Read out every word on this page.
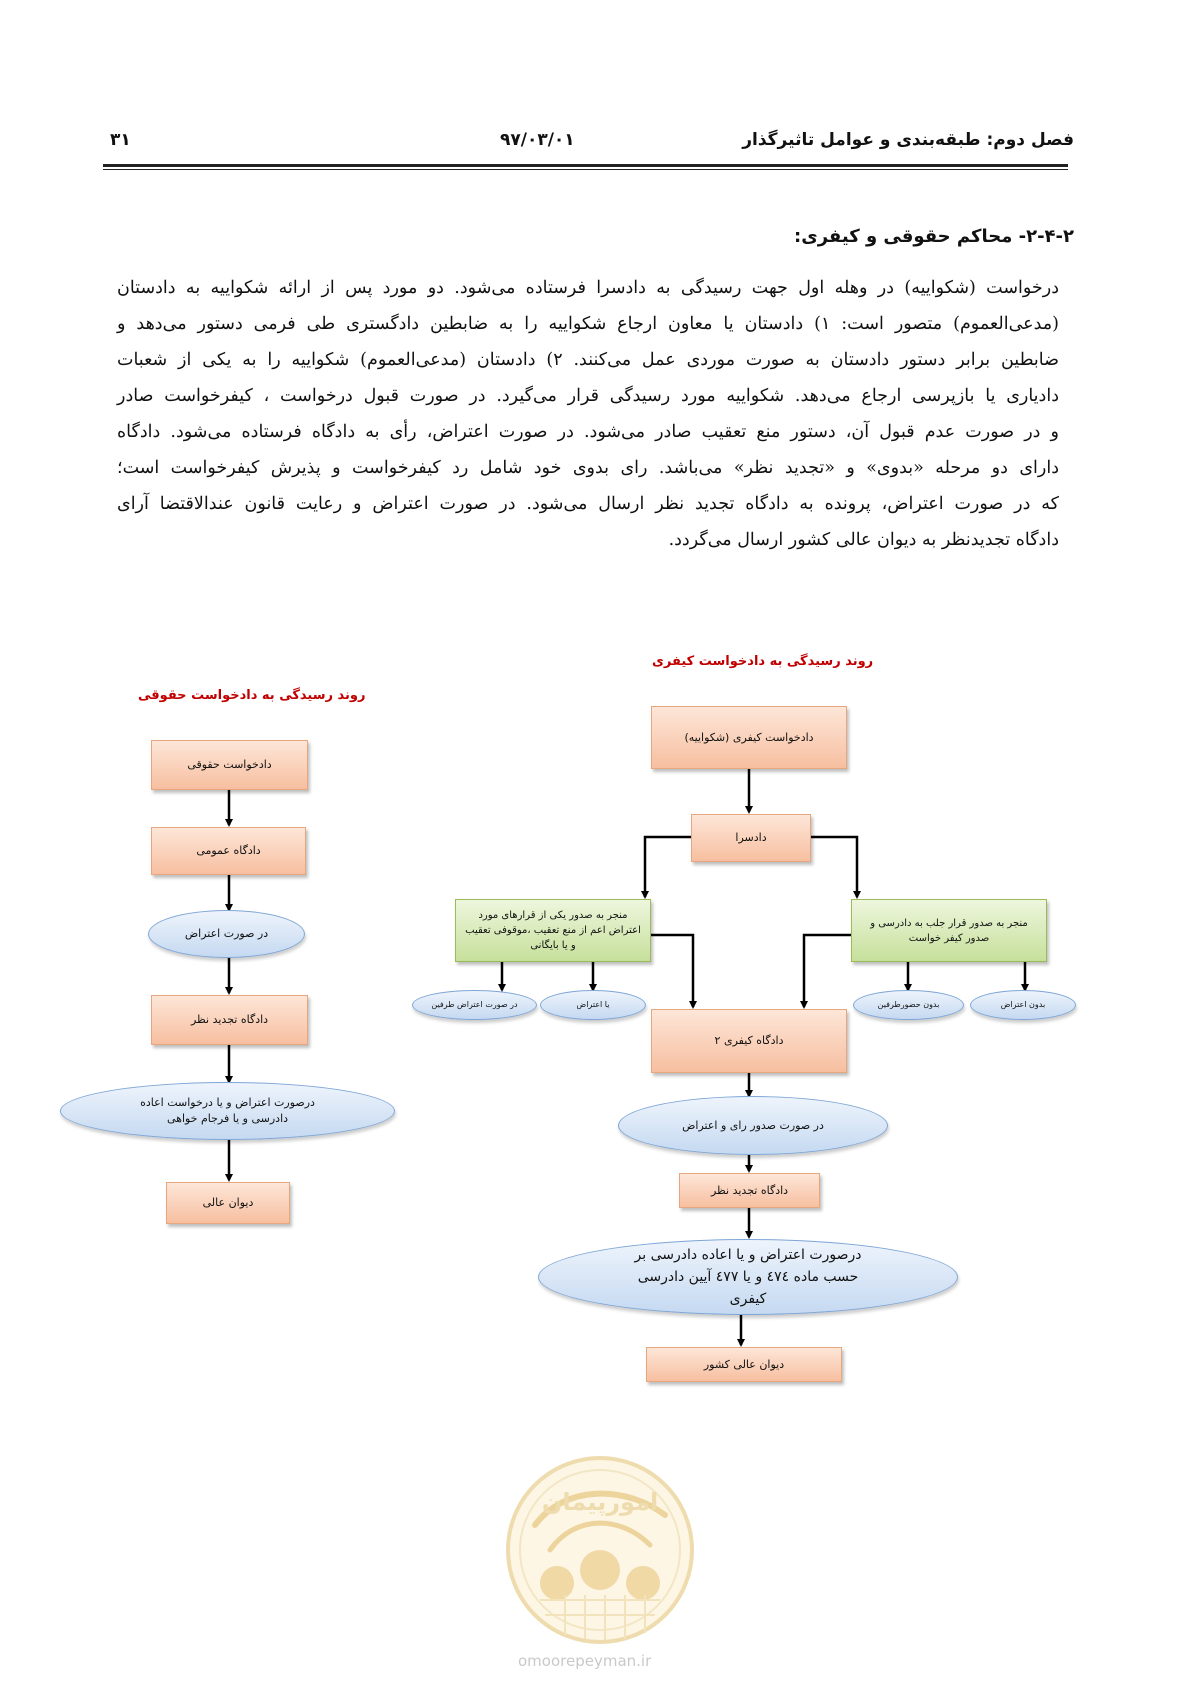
فصل دوم: طبقه‌بندی و عوامل تاثیرگذار
۹۷/۰۳/۰۱
۳۱
۲-۴-۲- محاکم حقوقی و کیفری:
درخواست (شکواییه) در وهله اول جهت رسیدگی به دادسرا فرستاده می‌شود. دو مورد پس از ارائه شکواییه به دادستان
(مدعی‌العموم) متصور است: ۱) دادستان یا معاون ارجاع شکواییه را به ضابطین دادگستری طی فرمی دستور می‌دهد و
ضابطین برابر دستور دادستان به صورت موردی عمل می‌کنند. ۲) دادستان (مدعی‌العموم) شکواییه را به یکی از شعبات
دادیاری یا بازپرسی ارجاع می‌دهد. شکواییه مورد رسیدگی قرار می‌گیرد. در صورت قبول درخواست ، کیفرخواست صادر
و در صورت عدم قبول آن، دستور منع تعقیب صادر می‌شود. در صورت اعتراض، رأی به دادگاه فرستاده می‌شود. دادگاه
دارای دو مرحله «بدوی» و «تجدید نظر» می‌باشد. رای بدوی خود شامل رد کیفرخواست و پذیرش کیفرخواست است؛
که در صورت اعتراض، پرونده به دادگاه تجدید نظر ارسال می‌شود. در صورت اعتراض و رعایت قانون عندالاقتضا آرای
دادگاه تجدیدنظر به دیوان عالی کشور ارسال می‌گردد.
روند رسیدگی به دادخواست حقوقی
دادخواست حقوقی
دادگاه عمومی
در صورت اعتراض
دادگاه تجدید نظر
درصورت اعتراض و یا درخواست اعاده دادرسی و یا فرجام خواهی
دیوان عالی
روند رسیدگی به دادخواست کیفری
دادخواست کیفری (شکواییه)
دادسرا
منجر به صدور یکی از قرارهای مورد اعتراض اعم از منع تعقیب ،موقوفی تعقیب و یا بایگانی
منجر به صدور قرار جلب به دادرسی و صدور کیفر خواست
در صورت اعتراض طرفین	یا اعتراض	بدون حضورطرفین	بدون اعتراض
دادگاه کیفری ۲
در صورت صدور رای و اعتراض
دادگاه تجدید نظر
درصورت اعتراض و یا اعاده دادرسی بر حسب ماده ٤٧٤ و یا ٤٧٧ آیین دادرسی کیفری
دیوان عالی کشور
امورپیمان
omoorepeyman.ir
